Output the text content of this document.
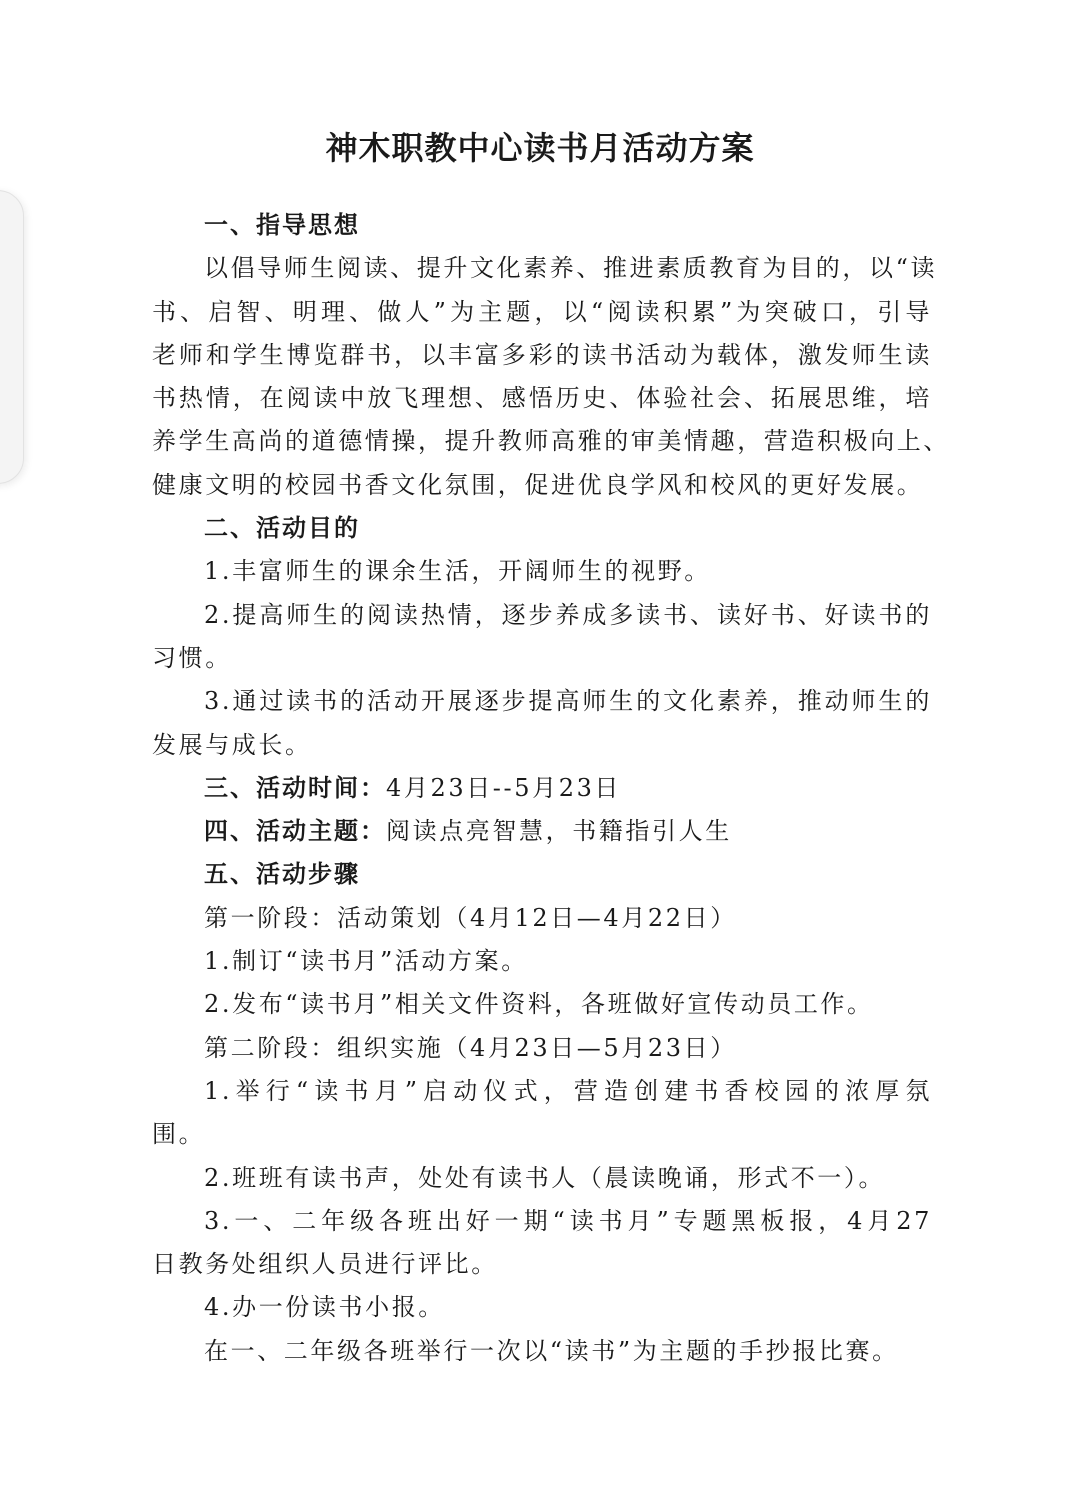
神木职教中心读书月活动方案
一、指导思想
以倡导师生阅读、提升文化素养、推进素质教育为目的，以“读
书、启智、明理、做人”为主题，以“阅读积累”为突破口，引导
老师和学生博览群书，以丰富多彩的读书活动为载体，激发师生读
书热情，在阅读中放飞理想、感悟历史、体验社会、拓展思维，培
养学生高尚的道德情操，提升教师高雅的审美情趣，营造积极向上、
健康文明的校园书香文化氛围，促进优良学风和校风的更好发展。
二、活动目的
1.丰富师生的课余生活，开阔师生的视野。
2.提高师生的阅读热情，逐步养成多读书、读好书、好读书的
习惯。
3.通过读书的活动开展逐步提高师生的文化素养，推动师生的
发展与成长。
三、活动时间：4月23日--5月23日
四、活动主题：阅读点亮智慧，书籍指引人生
五、活动步骤
第一阶段：活动策划（4月12日—4月22日）
1.制订“读书月”活动方案。
2.发布“读书月”相关文件资料，各班做好宣传动员工作。
第二阶段：组织实施（4月23日—5月23日）
1.举行“读书月”启动仪式，营造创建书香校园的浓厚氛
围。
2.班班有读书声，处处有读书人（晨读晚诵，形式不一）。
3.一、二年级各班出好一期“读书月”专题黑板报，4月27
日教务处组织人员进行评比。
4.办一份读书小报。
在一、二年级各班举行一次以“读书”为主题的手抄报比赛。
